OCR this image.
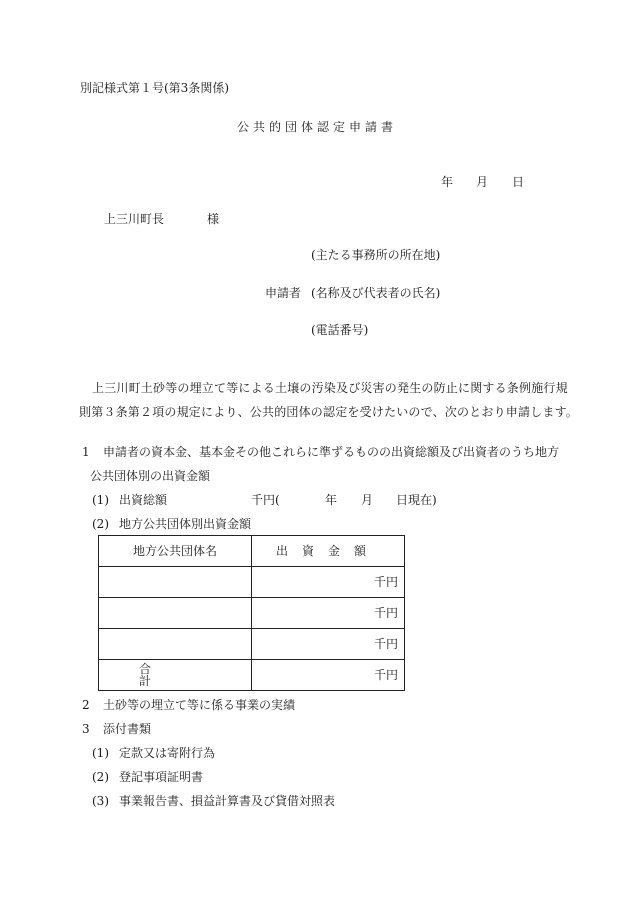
別記様式第１号(第3条関係)
公共的団体認定申請書
年 月 日
上三川町長	様
(主たる事務所の所在地)
申請者 (名称及び代表者の氏名)
(電話番号)
上三川町土砂等の埋立て等による土壌の汚染及び災害の発生の防止に関する条例施行規
則第３条第２項の規定により、公共的団体の認定を受けたいので、次のとおり申請します。
1 申請者の資本金、基本金その他これらに準ずるものの出資総額及び出資者のうち地方
公共団体別の出資金額
(1) 出資総額	千円(	年 月 日現在)
(2) 地方公共団体別出資金額
地方公共団体名	出資金額
	千円
	千円
	千円
合計	千円
2 土砂等の埋立て等に係る事業の実績
3 添付書類
(1) 定款又は寄附行為
(2) 登記事項証明書
(3) 事業報告書、損益計算書及び貸借対照表
